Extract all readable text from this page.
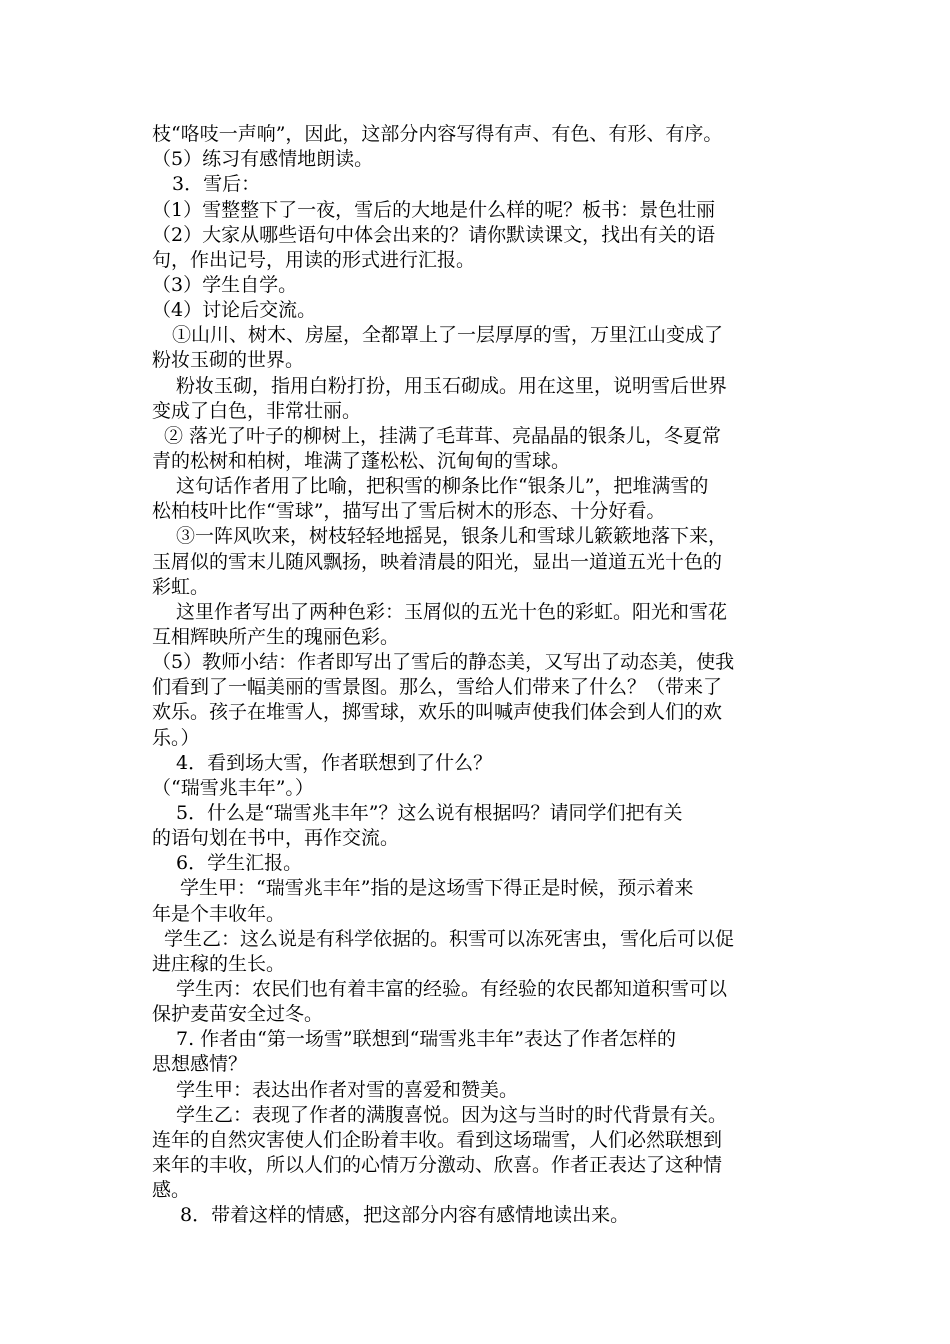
枝“咯吱一声响”，因此，这部分内容写得有声、有色、有形、有序。
（5）练习有感情地朗读。
3．雪后：
（1）雪整整下了一夜，雪后的大地是什么样的呢？板书：景色壮丽
（2）大家从哪些语句中体会出来的？请你默读课文，找出有关的语
句，作出记号，用读的形式进行汇报。
（3）学生自学。
（4）讨论后交流。
①山川、树木、房屋，全都罩上了一层厚厚的雪，万里江山变成了
粉妆玉砌的世界。
粉妆玉砌，指用白粉打扮，用玉石砌成。用在这里，说明雪后世界
变成了白色，非常壮丽。
② 落光了叶子的柳树上，挂满了毛茸茸、亮晶晶的银条儿，冬夏常
青的松树和柏树，堆满了蓬松松、沉甸甸的雪球。
这句话作者用了比喻，把积雪的柳条比作“银条儿”，把堆满雪的
松柏枝叶比作“雪球”，描写出了雪后树木的形态、十分好看。
③一阵风吹来，树枝轻轻地摇晃，银条儿和雪球儿簌簌地落下来，
玉屑似的雪末儿随风飘扬，映着清晨的阳光，显出一道道五光十色的
彩虹。
这里作者写出了两种色彩：玉屑似的五光十色的彩虹。阳光和雪花
互相辉映所产生的瑰丽色彩。
（5）教师小结：作者即写出了雪后的静态美，又写出了动态美，使我
们看到了一幅美丽的雪景图。那么，雪给人们带来了什么？（带来了
欢乐。孩子在堆雪人，掷雪球，欢乐的叫喊声使我们体会到人们的欢
乐。）
4．看到场大雪，作者联想到了什么？
（“瑞雪兆丰年”。）
5．什么是“瑞雪兆丰年”？这么说有根据吗？请同学们把有关
的语句划在书中，再作交流。
6．学生汇报。
学生甲：“瑞雪兆丰年”指的是这场雪下得正是时候，预示着来
年是个丰收年。
学生乙：这么说是有科学依据的。积雪可以冻死害虫，雪化后可以促
进庄稼的生长。
学生丙：农民们也有着丰富的经验。有经验的农民都知道积雪可以
保护麦苗安全过冬。
7. 作者由“第一场雪”联想到“瑞雪兆丰年”表达了作者怎样的
思想感情？
学生甲：表达出作者对雪的喜爱和赞美。
学生乙：表现了作者的满腹喜悦。因为这与当时的时代背景有关。
连年的自然灾害使人们企盼着丰收。看到这场瑞雪，人们必然联想到
来年的丰收，所以人们的心情万分激动、欣喜。作者正表达了这种情
感。
8．带着这样的情感，把这部分内容有感情地读出来。
